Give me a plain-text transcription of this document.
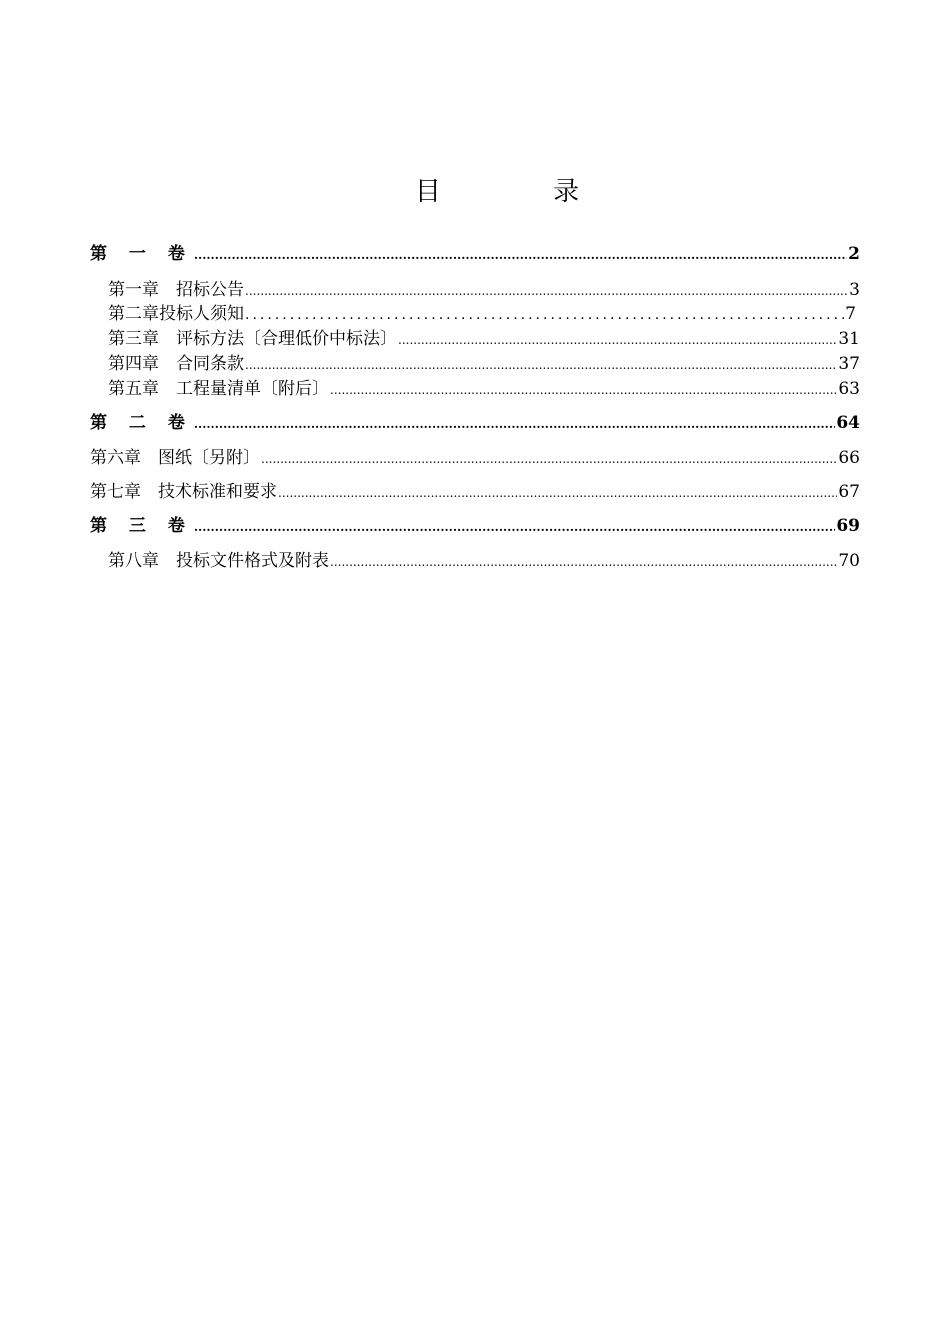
目 录
第 一 卷 .....	2
第一章　招标公告 .....	3
第二章投标人须知 .....	7
第三章　评标方法〔合理低价中标法〕 .....	31
第四章　合同条款 .....	37
第五章　工程量清单〔附后〕 .....	63
第 二 卷 .....	64
第六章　图纸〔另附〕 .....	66
第七章　技术标准和要求 .....	67
第 三 卷 .....	69
第八章　投标文件格式及附表 .....	70
